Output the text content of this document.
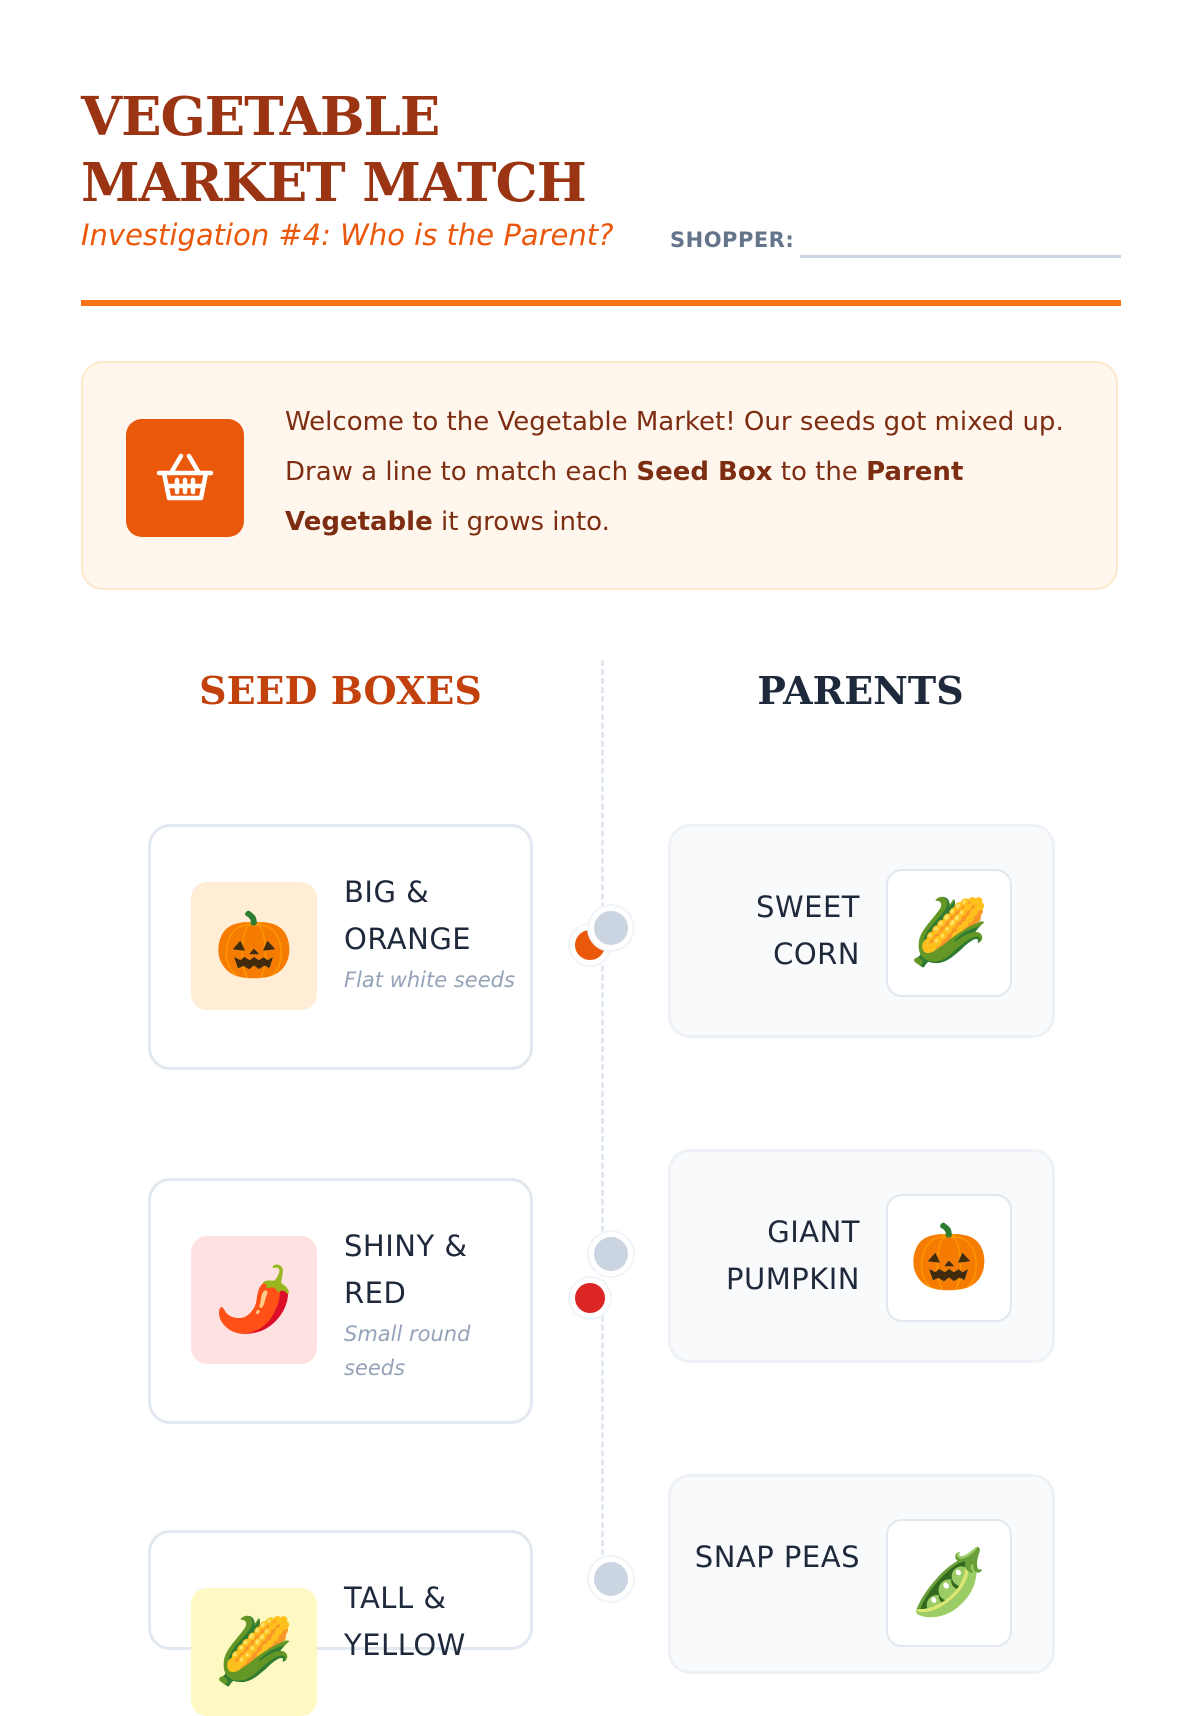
VEGETABLE
MARKET MATCH
Investigation #4: Who is the Parent?	SHOPPER:
Welcome to the Vegetable Market! Our seeds got mixed up. Draw a line to match each Seed Box to the Parent Vegetable it grows into.
SEED BOXES	PARENTS
🎃
BIG & ORANGE
Flat white seeds
🌶️
SHINY & RED
Small round seeds
🌽
TALL & YELLOW
SWEET CORN 🌽
GIANT PUMPKIN 🎃
SNAP PEAS 🫛
